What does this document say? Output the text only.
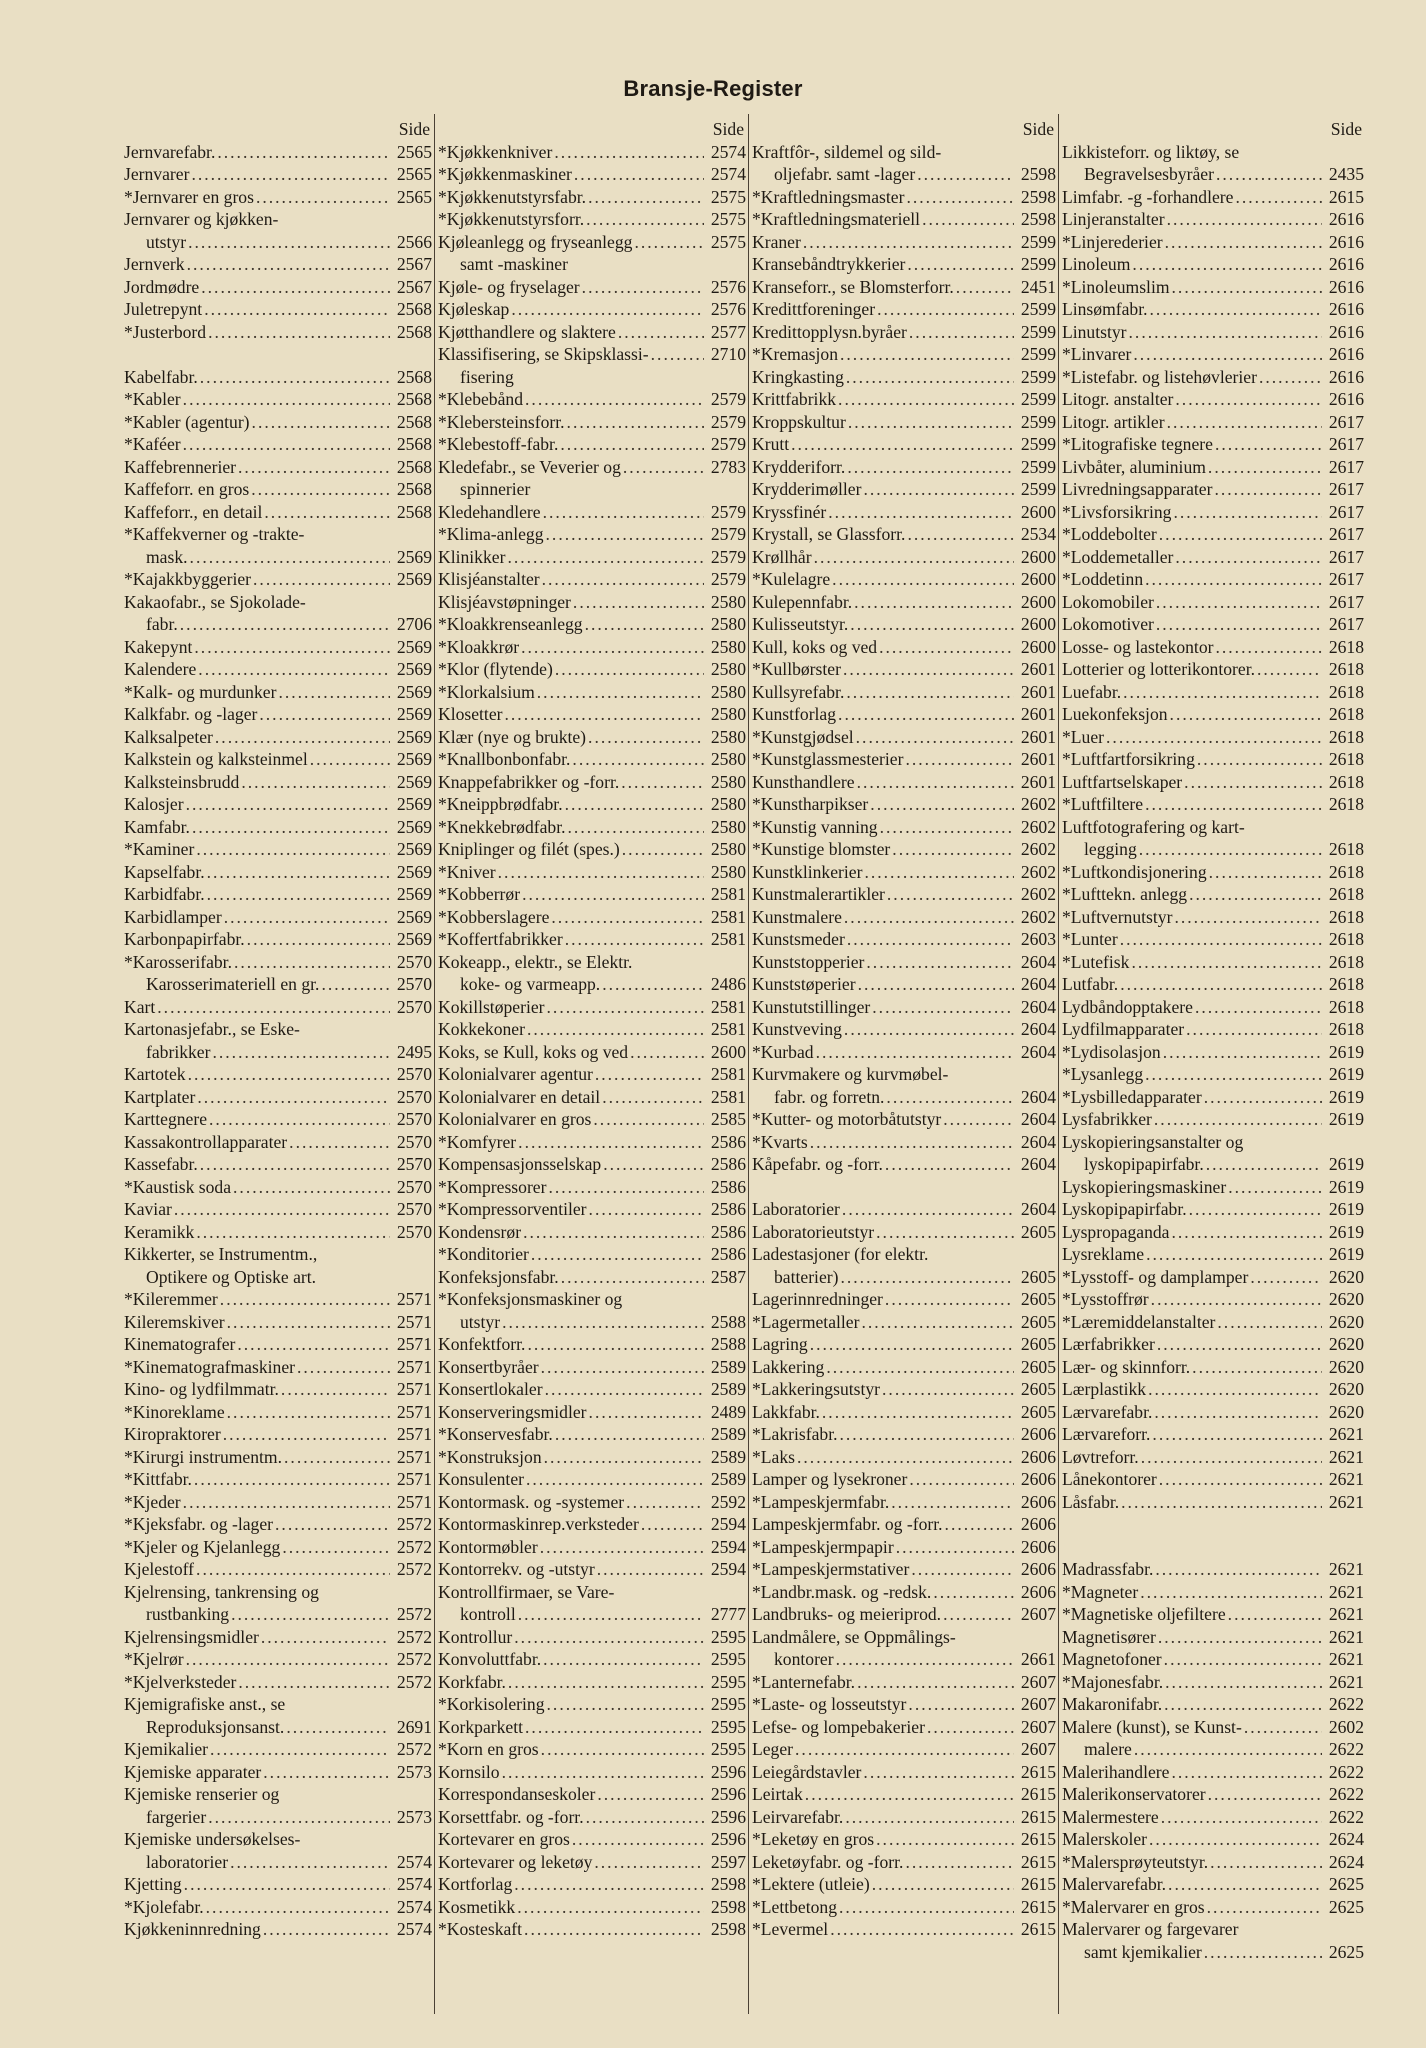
Bransje-Register
Side
Jernvarefabr. .....	2565
Jernvarer .....	2565
*Jernvarer en gros .....	2565
Jernvarer og kjøkken-
utstyr .....	2566
Jernverk .....	2567
Jordmødre .....	2567
Juletrepynt .....	2568
*Justerbord .....	2568
Kabelfabr. .....	2568
*Kabler .....	2568
*Kabler (agentur) .....	2568
*Kaféer .....	2568
Kaffebrennerier .....	2568
Kaffeforr. en gros .....	2568
Kaffeforr., en detail .....	2568
*Kaffekverner og -trakte-
mask. .....	2569
*Kajakkbyggerier .....	2569
Kakaofabr., se Sjokolade-
fabr. .....	2706
Kakepynt .....	2569
Kalendere .....	2569
*Kalk- og murdunker .....	2569
Kalkfabr. og -lager .....	2569
Kalksalpeter .....	2569
Kalkstein og kalksteinmel .....	2569
Kalksteinsbrudd .....	2569
Kalosjer .....	2569
Kamfabr. .....	2569
*Kaminer .....	2569
Kapselfabr. .....	2569
Karbidfabr. .....	2569
Karbidlamper .....	2569
Karbonpapirfabr. .....	2569
*Karosserifabr. .....	2570
Karosserimateriell en gr. .....	2570
Kart .....	2570
Kartonasjefabr., se Eske-
fabrikker .....	2495
Kartotek .....	2570
Kartplater .....	2570
Karttegnere .....	2570
Kassakontrollapparater .....	2570
Kassefabr. .....	2570
*Kaustisk soda .....	2570
Kaviar .....	2570
Keramikk .....	2570
Kikkerter, se Instrumentm.,
Optikere og Optiske art.
*Kileremmer .....	2571
Kileremskiver .....	2571
Kinematografer .....	2571
*Kinematografmaskiner .....	2571
Kino- og lydfilmmatr. .....	2571
*Kinoreklame .....	2571
Kiropraktorer .....	2571
*Kirurgi instrumentm. .....	2571
*Kittfabr. .....	2571
*Kjeder .....	2571
*Kjeksfabr. og -lager .....	2572
*Kjeler og Kjelanlegg .....	2572
Kjelestoff .....	2572
Kjelrensing, tankrensing og
rustbanking .....	2572
Kjelrensingsmidler .....	2572
*Kjelrør .....	2572
*Kjelverksteder .....	2572
Kjemigrafiske anst., se
Reproduksjonsanst. .....	2691
Kjemikalier .....	2572
Kjemiske apparater .....	2573
Kjemiske renserier og
fargerier .....	2573
Kjemiske undersøkelses-
laboratorier .....	2574
Kjetting .....	2574
*Kjolefabr. .....	2574
Kjøkkeninnredning .....	2574
Side
*Kjøkkenkniver .....	2574
*Kjøkkenmaskiner .....	2574
*Kjøkkenutstyrsfabr. .....	2575
*Kjøkkenutstyrsforr. .....	2575
Kjøleanlegg og fryseanlegg .....	2575
samt -maskiner
Kjøle- og fryselager .....	2576
Kjøleskap .....	2576
Kjøtthandlere og slaktere .....	2577
Klassifisering, se Skipsklassi- .....	2710
fisering
*Klebebånd .....	2579
*Klebersteinsforr. .....	2579
*Klebestoff-fabr. .....	2579
Kledefabr., se Veverier og .....	2783
spinnerier
Kledehandlere .....	2579
*Klima-anlegg .....	2579
Klinikker .....	2579
Klisjéanstalter .....	2579
Klisjéavstøpninger .....	2580
*Kloakkrenseanlegg .....	2580
*Kloakkrør .....	2580
*Klor (flytende) .....	2580
*Klorkalsium .....	2580
Klosetter .....	2580
Klær (nye og brukte) .....	2580
*Knallbonbonfabr. .....	2580
Knappefabrikker og -forr. .....	2580
*Kneippbrødfabr. .....	2580
*Knekkebrødfabr. .....	2580
Kniplinger og filét (spes.) .....	2580
*Kniver .....	2580
*Kobberrør .....	2581
*Kobberslagere .....	2581
*Koffertfabrikker .....	2581
Kokeapp., elektr., se Elektr.
koke- og varmeapp. .....	2486
Kokillstøperier .....	2581
Kokkekoner .....	2581
Koks, se Kull, koks og ved .....	2600
Kolonialvarer agentur .....	2581
Kolonialvarer en detail .....	2581
Kolonialvarer en gros .....	2585
*Komfyrer .....	2586
Kompensasjonsselskap .....	2586
*Kompressorer .....	2586
*Kompressorventiler .....	2586
Kondensrør .....	2586
*Konditorier .....	2586
Konfeksjonsfabr. .....	2587
*Konfeksjonsmaskiner og
utstyr .....	2588
Konfektforr. .....	2588
Konsertbyråer .....	2589
Konsertlokaler .....	2589
Konserveringsmidler .....	2489
*Konservesfabr. .....	2589
*Konstruksjon .....	2589
Konsulenter .....	2589
Kontormask. og -systemer .....	2592
Kontormaskinrep.verksteder .....	2594
Kontormøbler .....	2594
Kontorrekv. og -utstyr .....	2594
Kontrollfirmaer, se Vare-
kontroll .....	2777
Kontrollur .....	2595
Konvoluttfabr. .....	2595
Korkfabr. .....	2595
*Korkisolering .....	2595
Korkparkett .....	2595
*Korn en gros .....	2595
Kornsilo .....	2596
Korrespondanseskoler .....	2596
Korsettfabr. og -forr. .....	2596
Kortevarer en gros .....	2596
Kortevarer og leketøy .....	2597
Kortforlag .....	2598
Kosmetikk .....	2598
*Kosteskaft .....	2598
Side
Kraftfôr-, sildemel og sild-
oljefabr. samt -lager .....	2598
*Kraftledningsmaster .....	2598
*Kraftledningsmateriell .....	2598
Kraner .....	2599
Kransebåndtrykkerier .....	2599
Kranseforr., se Blomsterforr. .....	2451
Kredittforeninger .....	2599
Kredittopplysn.byråer .....	2599
*Kremasjon .....	2599
Kringkasting .....	2599
Krittfabrikk .....	2599
Kroppskultur .....	2599
Krutt .....	2599
Krydderiforr. .....	2599
Krydderimøller .....	2599
Kryssfinér .....	2600
Krystall, se Glassforr. .....	2534
Krøllhår .....	2600
*Kulelagre .....	2600
Kulepennfabr. .....	2600
Kulisseutstyr. .....	2600
Kull, koks og ved .....	2600
*Kullbørster .....	2601
Kullsyrefabr. .....	2601
Kunstforlag .....	2601
*Kunstgjødsel .....	2601
*Kunstglassmesterier .....	2601
Kunsthandlere .....	2601
*Kunstharpikser .....	2602
*Kunstig vanning .....	2602
*Kunstige blomster .....	2602
Kunstklinkerier .....	2602
Kunstmalerartikler .....	2602
Kunstmalere .....	2602
Kunstsmeder .....	2603
Kunststopperier .....	2604
Kunststøperier .....	2604
Kunstutstillinger .....	2604
Kunstveving .....	2604
*Kurbad .....	2604
Kurvmakere og kurvmøbel-
fabr. og forretn. .....	2604
*Kutter- og motorbåtutstyr .....	2604
*Kvarts .....	2604
Kåpefabr. og -forr. .....	2604
Laboratorier .....	2604
Laboratorieutstyr .....	2605
Ladestasjoner (for elektr.
batterier) .....	2605
Lagerinnredninger .....	2605
*Lagermetaller .....	2605
Lagring .....	2605
Lakkering .....	2605
*Lakkeringsutstyr .....	2605
Lakkfabr. .....	2605
*Lakrisfabr. .....	2606
*Laks .....	2606
Lamper og lysekroner .....	2606
*Lampeskjermfabr. .....	2606
Lampeskjermfabr. og -forr. .....	2606
*Lampeskjermpapir .....	2606
*Lampeskjermstativer .....	2606
*Landbr.mask. og -redsk. .....	2606
Landbruks- og meieriprod. .....	2607
Landmålere, se Oppmålings-
kontorer .....	2661
*Lanternefabr. .....	2607
*Laste- og losseutstyr .....	2607
Lefse- og lompebakerier .....	2607
Leger .....	2607
Leiegårdstavler .....	2615
Leirtak .....	2615
Leirvarefabr. .....	2615
*Leketøy en gros .....	2615
Leketøyfabr. og -forr. .....	2615
*Lektere (utleie) .....	2615
*Lettbetong .....	2615
*Levermel .....	2615
Side
Likkisteforr. og liktøy, se
Begravelsesbyråer .....	2435
Limfabr. -g -forhandlere .....	2615
Linjeranstalter .....	2616
*Linjerederier .....	2616
Linoleum .....	2616
*Linoleumslim .....	2616
Linsømfabr. .....	2616
Linutstyr .....	2616
*Linvarer .....	2616
*Listefabr. og listehøvlerier .....	2616
Litogr. anstalter .....	2616
Litogr. artikler .....	2617
*Litografiske tegnere .....	2617
Livbåter, aluminium .....	2617
Livredningsapparater .....	2617
*Livsforsikring .....	2617
*Loddebolter .....	2617
*Loddemetaller .....	2617
*Loddetinn .....	2617
Lokomobiler .....	2617
Lokomotiver .....	2617
Losse- og lastekontor .....	2618
Lotterier og lotterikontorer. .....	2618
Luefabr. .....	2618
Luekonfeksjon .....	2618
*Luer .....	2618
*Luftfartforsikring .....	2618
Luftfartselskaper .....	2618
*Luftfiltere .....	2618
Luftfotografering og kart-
legging .....	2618
*Luftkondisjonering .....	2618
*Lufttekn. anlegg .....	2618
*Luftvernutstyr .....	2618
*Lunter .....	2618
*Lutefisk .....	2618
Lutfabr. .....	2618
Lydbåndopptakere .....	2618
Lydfilmapparater .....	2618
*Lydisolasjon .....	2619
*Lysanlegg .....	2619
*Lysbilledapparater .....	2619
Lysfabrikker .....	2619
Lyskopieringsanstalter og
lyskopipapirfabr. .....	2619
Lyskopieringsmaskiner .....	2619
Lyskopipapirfabr. .....	2619
Lyspropaganda .....	2619
Lysreklame .....	2619
*Lysstoff- og damplamper .....	2620
*Lysstoffrør .....	2620
*Læremiddelanstalter .....	2620
Lærfabrikker .....	2620
Lær- og skinnforr. .....	2620
Lærplastikk .....	2620
Lærvarefabr. .....	2620
Lærvareforr. .....	2621
Løvtreforr. .....	2621
Lånekontorer .....	2621
Låsfabr. .....	2621
Madrassfabr. .....	2621
*Magneter .....	2621
*Magnetiske oljefiltere .....	2621
Magnetisører .....	2621
Magnetofoner .....	2621
*Majonesfabr. .....	2621
Makaronifabr. .....	2622
Malere (kunst), se Kunst- .....	2602
malere .....	2622
Malerihandlere .....	2622
Malerikonservatorer .....	2622
Malermestere .....	2622
Malerskoler .....	2624
*Malersprøyteutstyr. .....	2624
Malervarefabr. .....	2625
*Malervarer en gros .....	2625
Malervarer og fargevarer
samt kjemikalier .....	2625
